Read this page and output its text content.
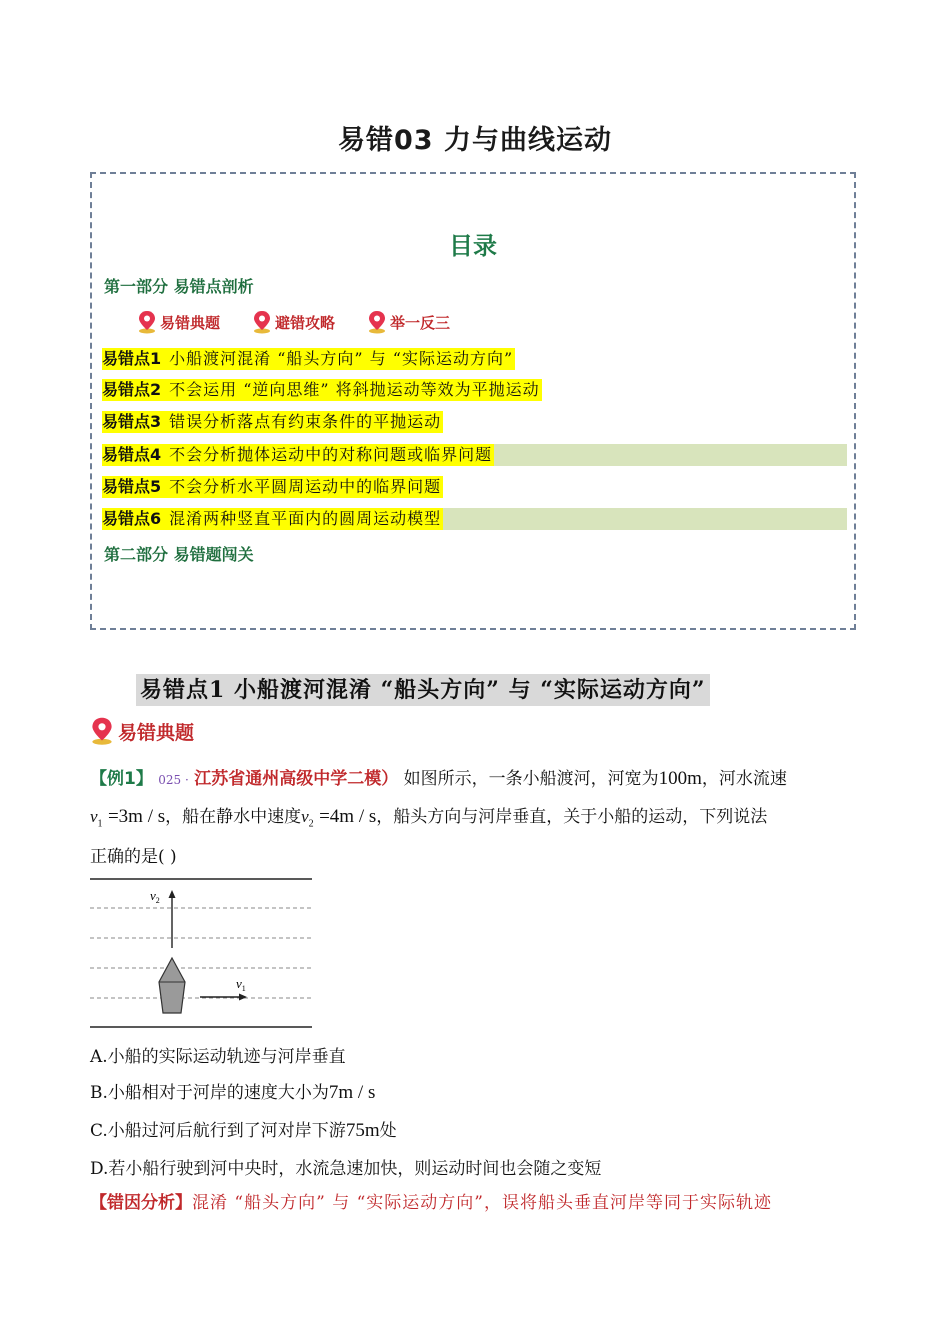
易错03 力与曲线运动
目录
第一部分 易错点剖析
易错典题	避错攻略	举一反三
易错点1 小船渡河混淆 “船头方向” 与 “实际运动方向”
易错点2 不会运用 “逆向思维” 将斜抛运动等效为平抛运动
易错点3 错误分析落点有约束条件的平抛运动
易错点4 不会分析抛体运动中的对称问题或临界问题
易错点5 不会分析水平圆周运动中的临界问题
易错点6 混淆两种竖直平面内的圆周运动模型
第二部分 易错题闯关
易错点1 小船渡河混淆 “船头方向” 与 “实际运动方向”
易错典题
【例1】 025 · 江苏省通州高级中学二模） 如图所示，一条小船渡河，河宽为100m，河水流速
$v_1 =3m / s$，船在静水中速度$v_2 =4m / s$，船头方向与河岸垂直，关于小船的运动，下列说法
正确的是( )
$v_2$
$v_1$
A.小船的实际运动轨迹与河岸垂直
B.小船相对于河岸的速度大小为7m / s
C.小船过河后航行到了河对岸下游75m处
D.若小船行驶到河中央时，水流急速加快，则运动时间也会随之变短
【错因分析】混淆 “船头方向” 与 “实际运动方向”，误将船头垂直河岸等同于实际轨迹
